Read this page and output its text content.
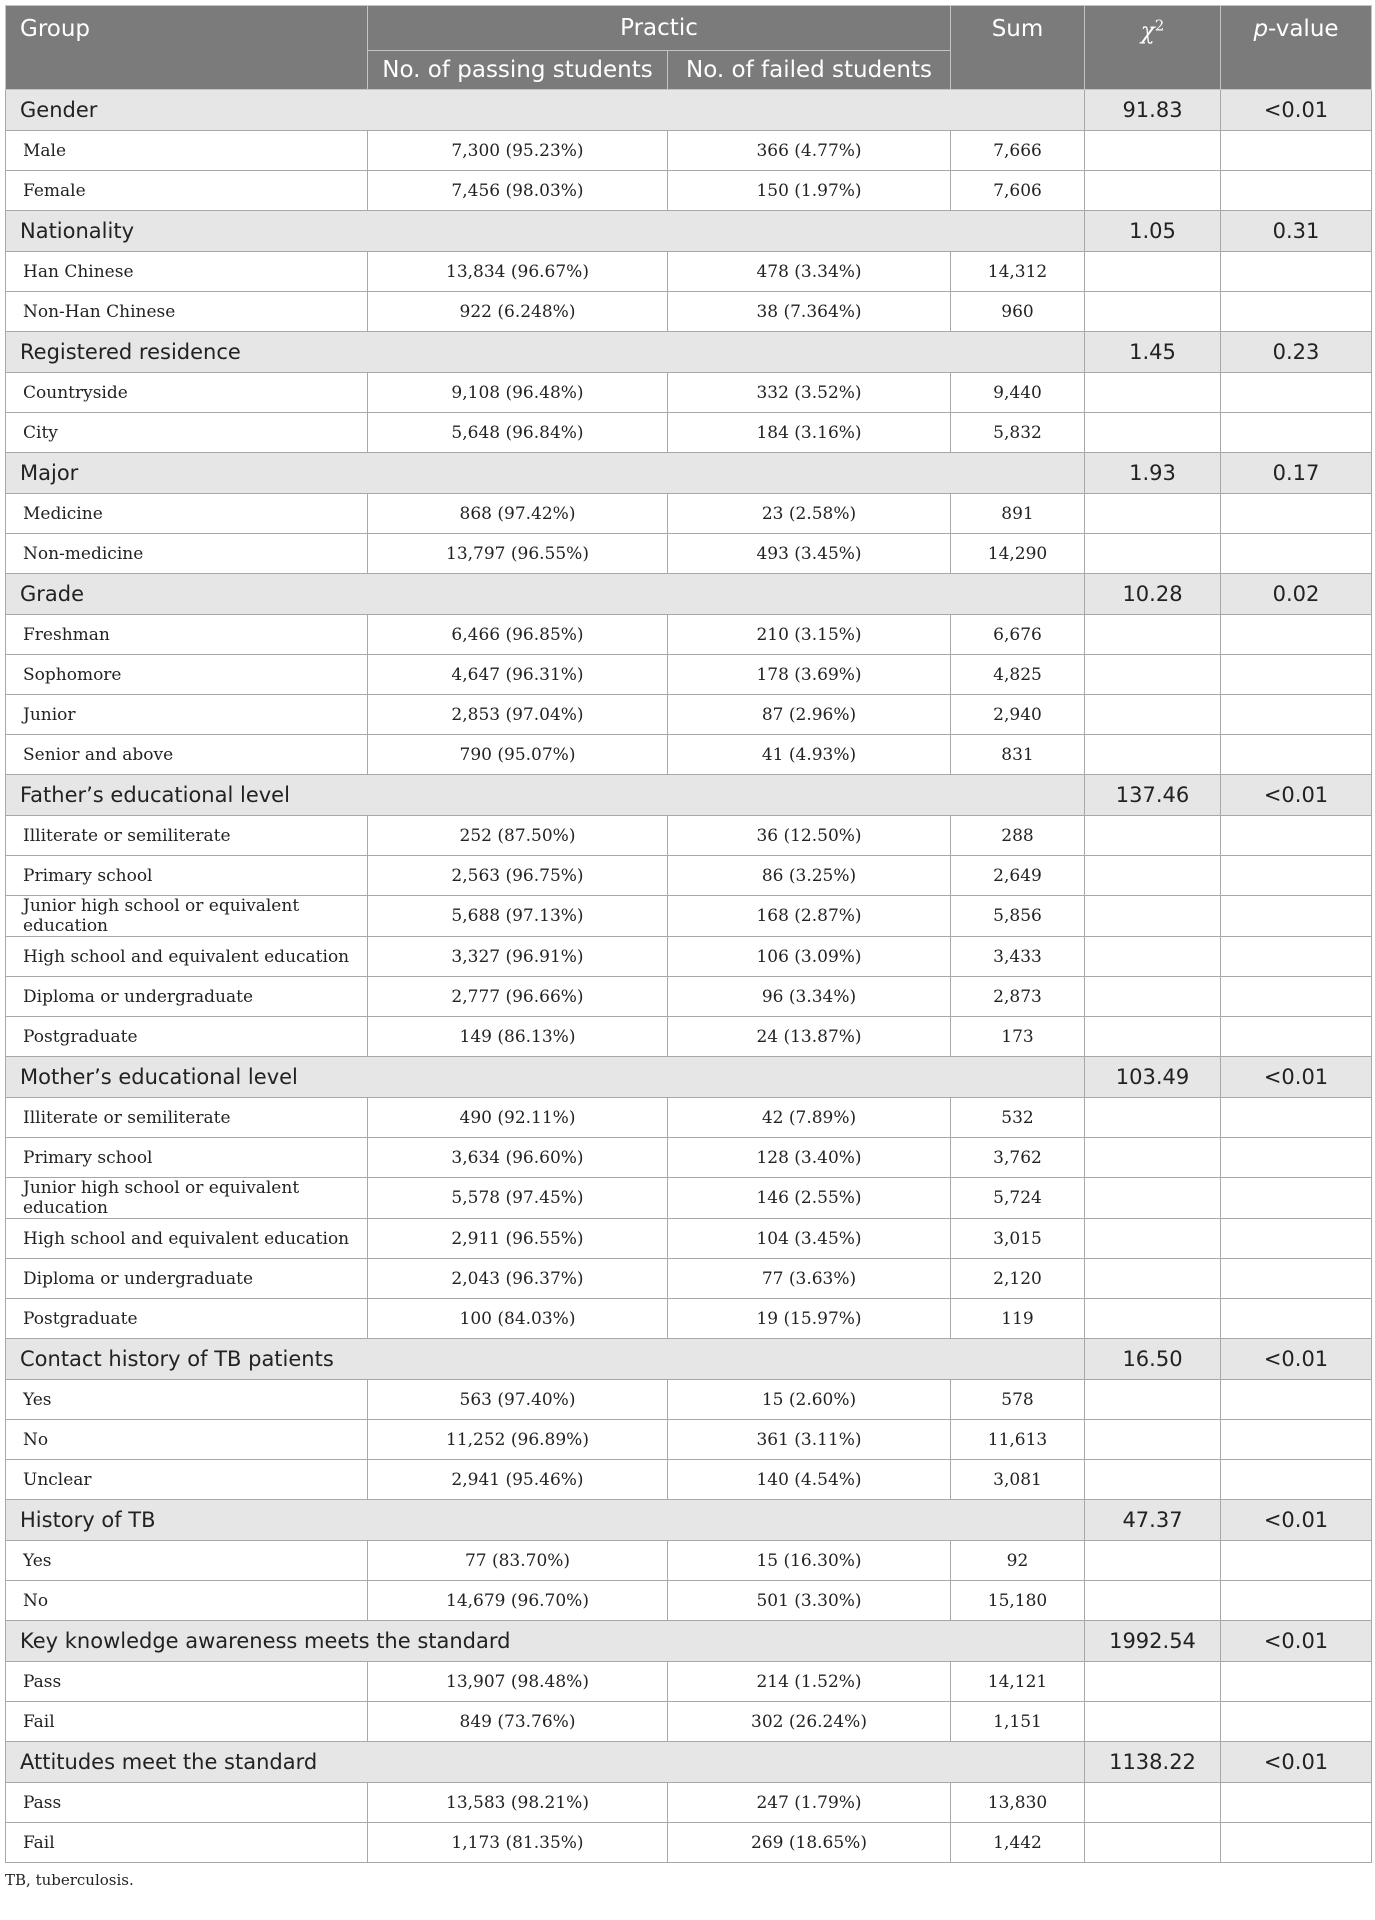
Group	Practic		Sum	$\chi^2$	p-value
	No. of passing students	No. of failed students			
Gender				91.83	<0.01
Male	7,300 (95.23%)	366 (4.77%)	7,666		
Female	7,456 (98.03%)	150 (1.97%)	7,606		
Nationality				1.05	0.31
Han Chinese	13,834 (96.67%)	478 (3.34%)	14,312		
Non-Han Chinese	922 (6.248%)	38 (7.364%)	960		
Registered residence				1.45	0.23
Countryside	9,108 (96.48%)	332 (3.52%)	9,440		
City	5,648 (96.84%)	184 (3.16%)	5,832		
Major				1.93	0.17
Medicine	868 (97.42%)	23 (2.58%)	891		
Non-medicine	13,797 (96.55%)	493 (3.45%)	14,290		
Grade				10.28	0.02
Freshman	6,466 (96.85%)	210 (3.15%)	6,676		
Sophomore	4,647 (96.31%)	178 (3.69%)	4,825		
Junior	2,853 (97.04%)	87 (2.96%)	2,940		
Senior and above	790 (95.07%)	41 (4.93%)	831		
Father’s educational level				137.46	<0.01
Illiterate or semiliterate	252 (87.50%)	36 (12.50%)	288		
Primary school	2,563 (96.75%)	86 (3.25%)	2,649		
Junior high school or equivalent education	5,688 (97.13%)	168 (2.87%)	5,856		
High school and equivalent education	3,327 (96.91%)	106 (3.09%)	3,433		
Diploma or undergraduate	2,777 (96.66%)	96 (3.34%)	2,873		
Postgraduate	149 (86.13%)	24 (13.87%)	173		
Mother’s educational level				103.49	<0.01
Illiterate or semiliterate	490 (92.11%)	42 (7.89%)	532		
Primary school	3,634 (96.60%)	128 (3.40%)	3,762		
Junior high school or equivalent education	5,578 (97.45%)	146 (2.55%)	5,724		
High school and equivalent education	2,911 (96.55%)	104 (3.45%)	3,015		
Diploma or undergraduate	2,043 (96.37%)	77 (3.63%)	2,120		
Postgraduate	100 (84.03%)	19 (15.97%)	119		
Contact history of TB patients				16.50	<0.01
Yes	563 (97.40%)	15 (2.60%)	578		
No	11,252 (96.89%)	361 (3.11%)	11,613		
Unclear	2,941 (95.46%)	140 (4.54%)	3,081		
History of TB				47.37	<0.01
Yes	77 (83.70%)	15 (16.30%)	92		
No	14,679 (96.70%)	501 (3.30%)	15,180		
Key knowledge awareness meets the standard				1992.54	<0.01
Pass	13,907 (98.48%)	214 (1.52%)	14,121		
Fail	849 (73.76%)	302 (26.24%)	1,151		
Attitudes meet the standard				1138.22	<0.01
Pass	13,583 (98.21%)	247 (1.79%)	13,830		
Fail	1,173 (81.35%)	269 (18.65%)	1,442		
TB, tuberculosis.
